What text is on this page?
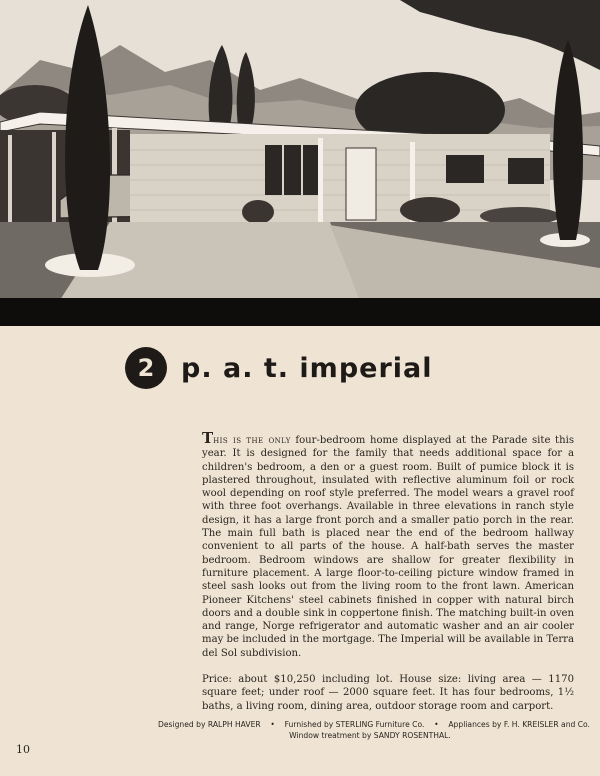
2 p. a. t. imperial

This is the only four-bedroom home displayed at the Parade site this year. It is designed for the family that needs additional space for a children's bedroom, a den or a guest room. Built of pumice block it is plastered throughout, insulated with reflective aluminum foil or rock wool depending on roof style preferred. The model wears a gravel roof with three foot overhangs. Available in three elevations in ranch style design, it has a large front porch and a smaller patio porch in the rear. The main full bath is placed near the end of the bedroom hallway convenient to all parts of the house. A half-bath serves the master bedroom. Bedroom windows are shallow for greater flexibility in furniture placement. A large floor-to-ceiling picture window framed in steel sash looks out from the living room to the front lawn. American Pioneer Kitchens' steel cabinets finished in copper with natural birch doors and a double sink in coppertone finish. The matching built-in oven and range, Norge refrigerator and automatic washer and an air cooler may be included in the mortgage. The Imperial will be available in Terra del Sol subdivision.

Price: about $10,250 including lot. House size: living area — 1170 square feet; under roof — 2000 square feet. It has four bedrooms, 1½ baths, a living room, dining area, outdoor storage room and carport.

Designed by RALPH HAVER • Furnished by STERLING Furniture Co. • Appliances by F. H. KREISLER and Co.
Window treatment by SANDY ROSENTHAL.
10
